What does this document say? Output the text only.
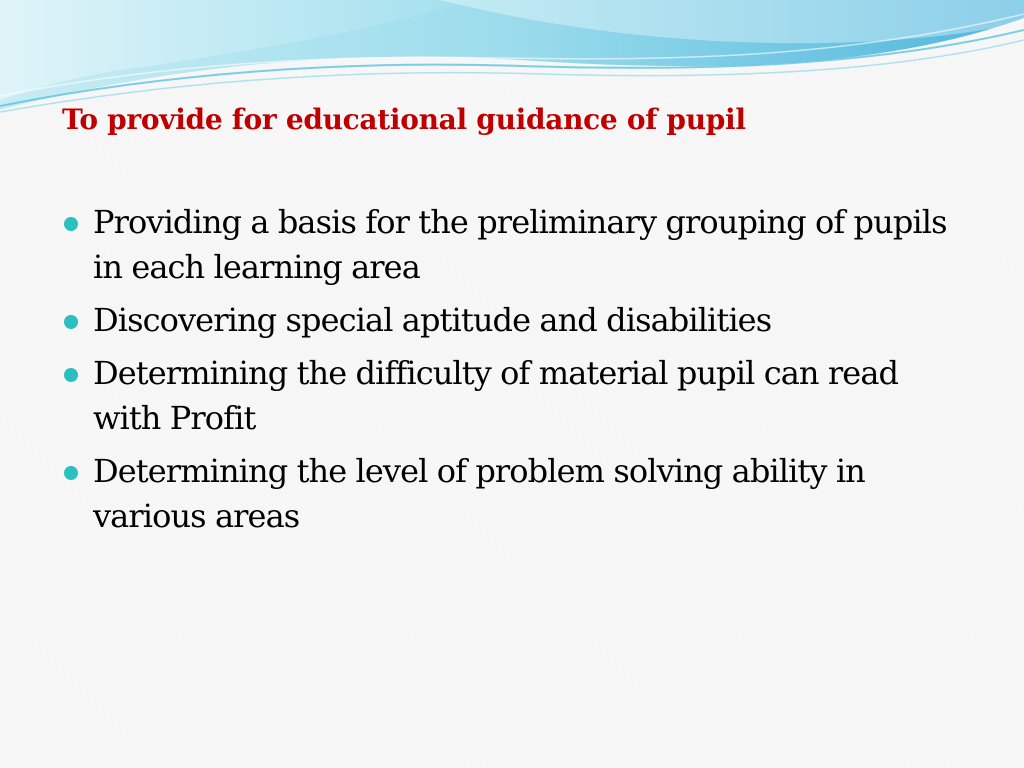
To provide for educational guidance of pupil
Providing a basis for the preliminary grouping of pupils in each learning area
Discovering special aptitude and disabilities
Determining the difficulty of material pupil can read with Profit
Determining the level of problem solving ability in various areas
